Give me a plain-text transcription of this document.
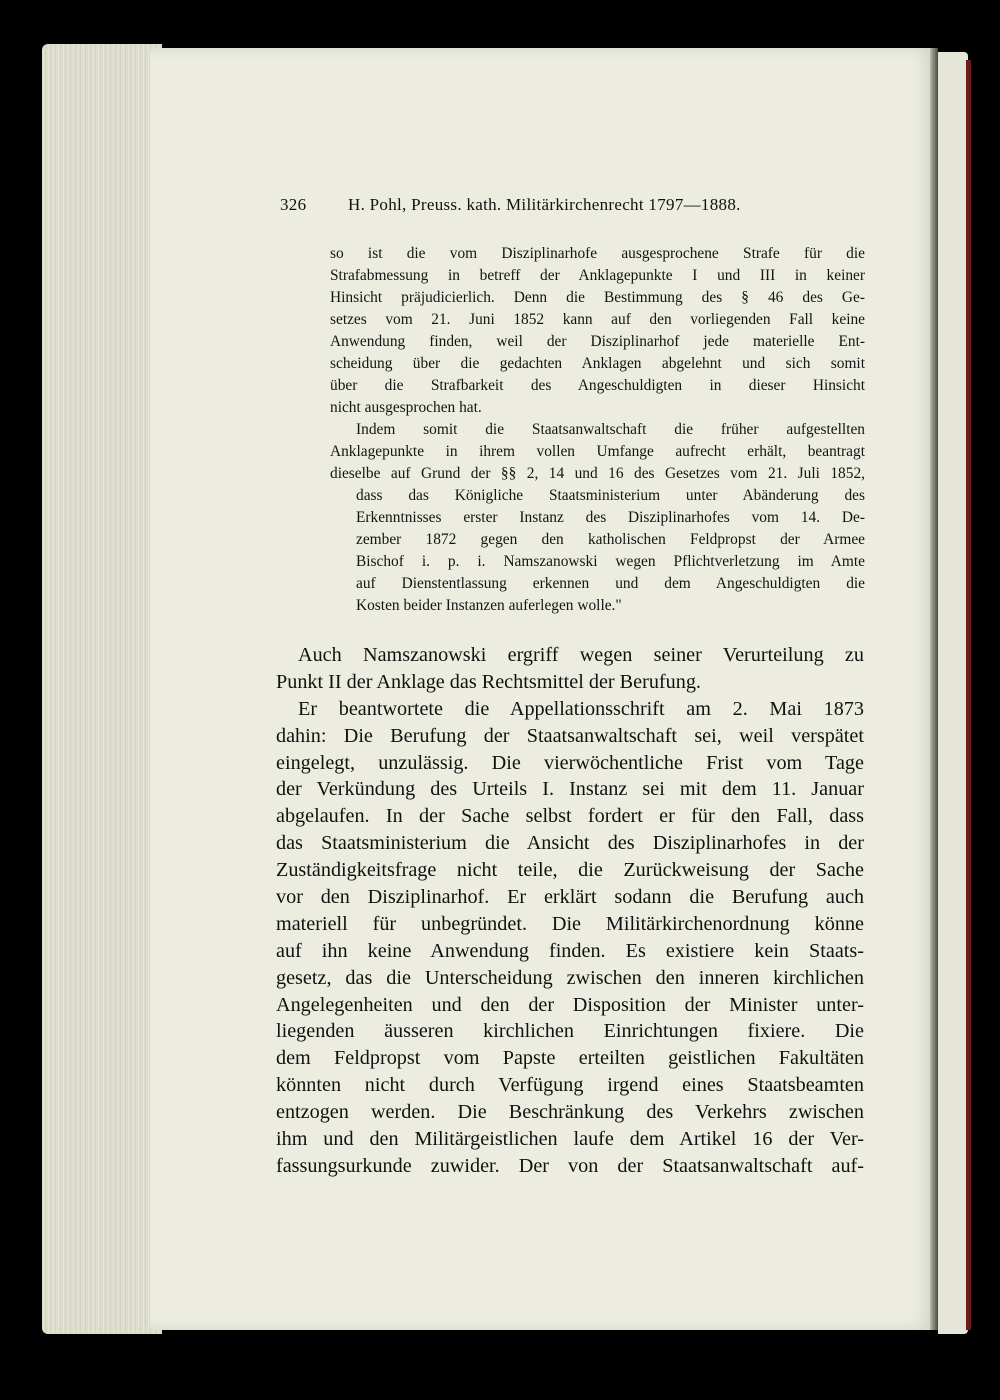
326 H. Pohl, Preuss. kath. Militärkirchenrecht 1797—1888.
so ist die vom Disziplinarhofe ausgesprochene Strafe für die
Strafabmessung in betreff der Anklagepunkte I und III in keiner
Hinsicht präjudicierlich. Denn die Bestimmung des § 46 des Ge-
setzes vom 21. Juni 1852 kann auf den vorliegenden Fall keine
Anwendung finden, weil der Disziplinarhof jede materielle Ent-
scheidung über die gedachten Anklagen abgelehnt und sich somit
über die Strafbarkeit des Angeschuldigten in dieser Hinsicht
nicht ausgesprochen hat.
Indem somit die Staatsanwaltschaft die früher aufgestellten
Anklagepunkte in ihrem vollen Umfange aufrecht erhält, beantragt
dieselbe auf Grund der §§ 2, 14 und 16 des Gesetzes vom 21. Juli 1852,
dass das Königliche Staatsministerium unter Abänderung des
Erkenntnisses erster Instanz des Disziplinarhofes vom 14. De-
zember 1872 gegen den katholischen Feldpropst der Armee
Bischof i. p. i. Namszanowski wegen Pflichtverletzung im Amte
auf Dienstentlassung erkennen und dem Angeschuldigten die
Kosten beider Instanzen auferlegen wolle."
Auch Namszanowski ergriff wegen seiner Verurteilung zu
Punkt II der Anklage das Rechtsmittel der Berufung.
Er beantwortete die Appellationsschrift am 2. Mai 1873
dahin: Die Berufung der Staatsanwaltschaft sei, weil verspätet
eingelegt, unzulässig. Die vierwöchentliche Frist vom Tage
der Verkündung des Urteils I. Instanz sei mit dem 11. Januar
abgelaufen. In der Sache selbst fordert er für den Fall, dass
das Staatsministerium die Ansicht des Disziplinarhofes in der
Zuständigkeitsfrage nicht teile, die Zurückweisung der Sache
vor den Disziplinarhof. Er erklärt sodann die Berufung auch
materiell für unbegründet. Die Militärkirchenordnung könne
auf ihn keine Anwendung finden. Es existiere kein Staats-
gesetz, das die Unterscheidung zwischen den inneren kirchlichen
Angelegenheiten und den der Disposition der Minister unter-
liegenden äusseren kirchlichen Einrichtungen fixiere. Die
dem Feldpropst vom Papste erteilten geistlichen Fakultäten
könnten nicht durch Verfügung irgend eines Staatsbeamten
entzogen werden. Die Beschränkung des Verkehrs zwischen
ihm und den Militärgeistlichen laufe dem Artikel 16 der Ver-
fassungsurkunde zuwider. Der von der Staatsanwaltschaft auf-
